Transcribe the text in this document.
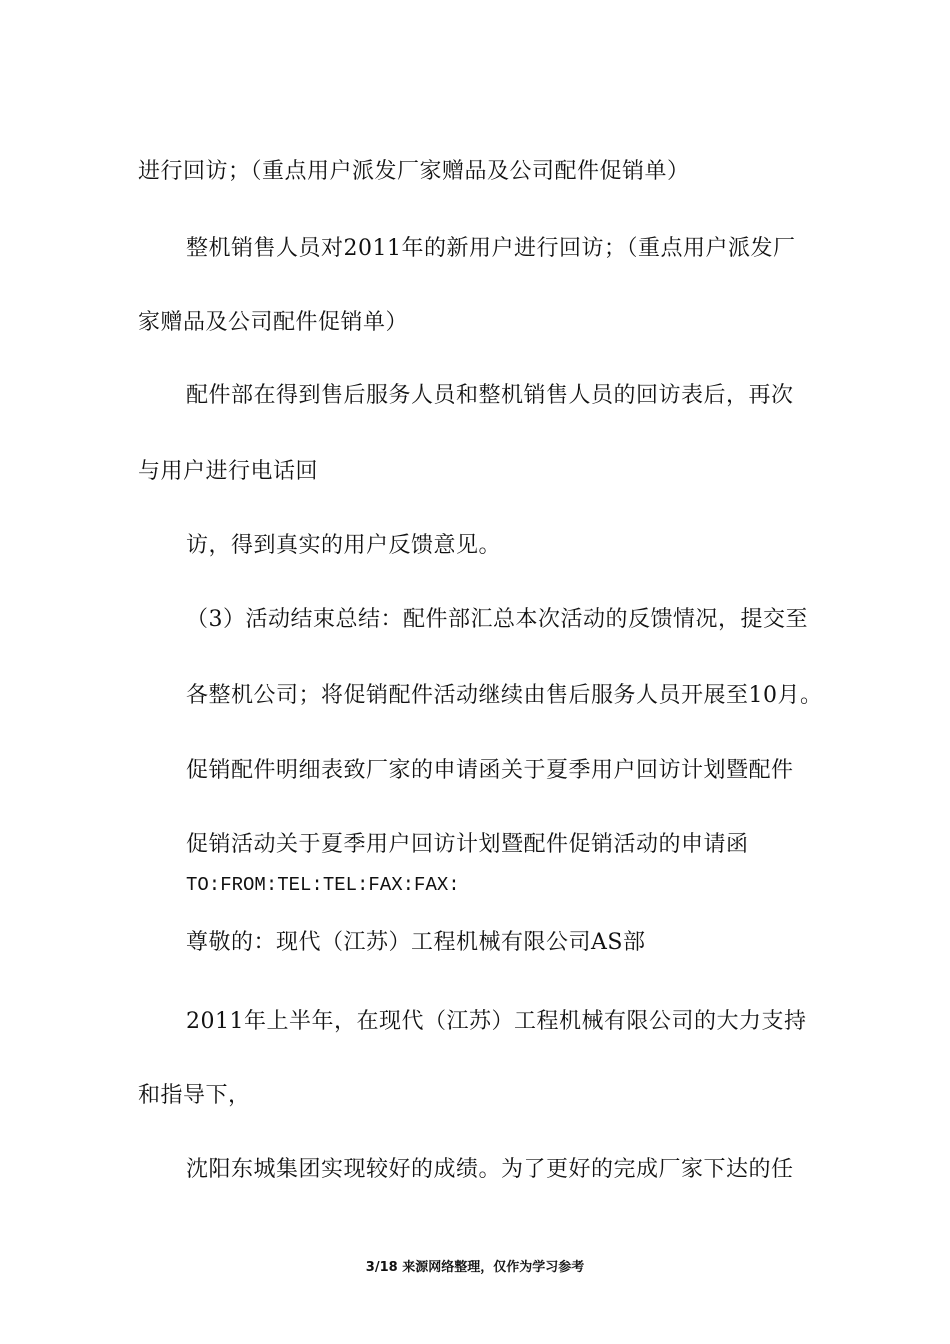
进行回访；（重点用户派发厂家赠品及公司配件促销单）
整机销售人员对2011年的新用户进行回访；（重点用户派发厂
家赠品及公司配件促销单）
配件部在得到售后服务人员和整机销售人员的回访表后，再次
与用户进行电话回
访，得到真实的用户反馈意见。
（3）活动结束总结：配件部汇总本次活动的反馈情况，提交至
各整机公司；将促销配件活动继续由售后服务人员开展至10月。
促销配件明细表致厂家的申请函关于夏季用户回访计划暨配件
促销活动关于夏季用户回访计划暨配件促销活动的申请函
TO:FROM:TEL:TEL:FAX:FAX:
尊敬的：现代（江苏）工程机械有限公司AS部
2011年上半年，在现代（江苏）工程机械有限公司的大力支持
和指导下，
沈阳东城集团实现较好的成绩。为了更好的完成厂家下达的任
3/18 来源网络整理，仅作为学习参考
